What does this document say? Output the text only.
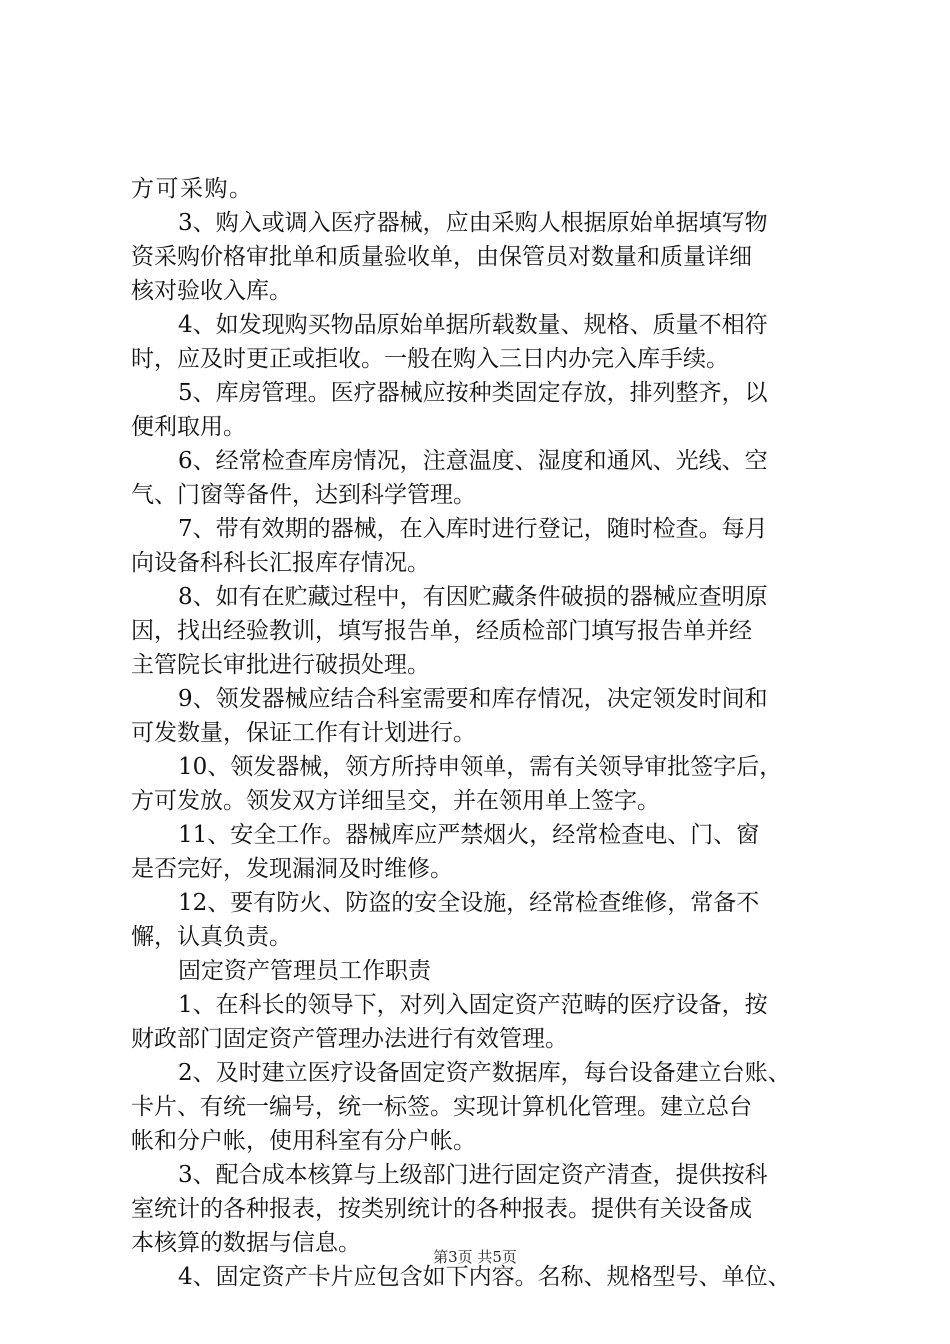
方可采购。
3、购入或调入医疗器械，应由采购人根据原始单据填写物
资采购价格审批单和质量验收单，由保管员对数量和质量详细
核对验收入库。
4、如发现购买物品原始单据所载数量、规格、质量不相符
时，应及时更正或拒收。一般在购入三日内办完入库手续。
5、库房管理。医疗器械应按种类固定存放，排列整齐，以
便利取用。
6、经常检查库房情况，注意温度、湿度和通风、光线、空
气、门窗等备件，达到科学管理。
7、带有效期的器械，在入库时进行登记，随时检查。每月
向设备科科长汇报库存情况。
8、如有在贮藏过程中，有因贮藏条件破损的器械应查明原
因，找出经验教训，填写报告单，经质检部门填写报告单并经
主管院长审批进行破损处理。
9、领发器械应结合科室需要和库存情况，决定领发时间和
可发数量，保证工作有计划进行。
10、领发器械，领方所持申领单，需有关领导审批签字后，
方可发放。领发双方详细呈交，并在领用单上签字。
11、安全工作。器械库应严禁烟火，经常检查电、门、窗
是否完好，发现漏洞及时维修。
12、要有防火、防盗的安全设施，经常检查维修，常备不
懈，认真负责。
固定资产管理员工作职责
1、在科长的领导下，对列入固定资产范畴的医疗设备，按
财政部门固定资产管理办法进行有效管理。
2、及时建立医疗设备固定资产数据库，每台设备建立台账、
卡片、有统一编号，统一标签。实现计算机化管理。建立总台
帐和分户帐，使用科室有分户帐。
3、配合成本核算与上级部门进行固定资产清查，提供按科
室统计的各种报表，按类别统计的各种报表。提供有关设备成
本核算的数据与信息。
4、固定资产卡片应包含如下内容。名称、规格型号、单位、
第3页 共5页
